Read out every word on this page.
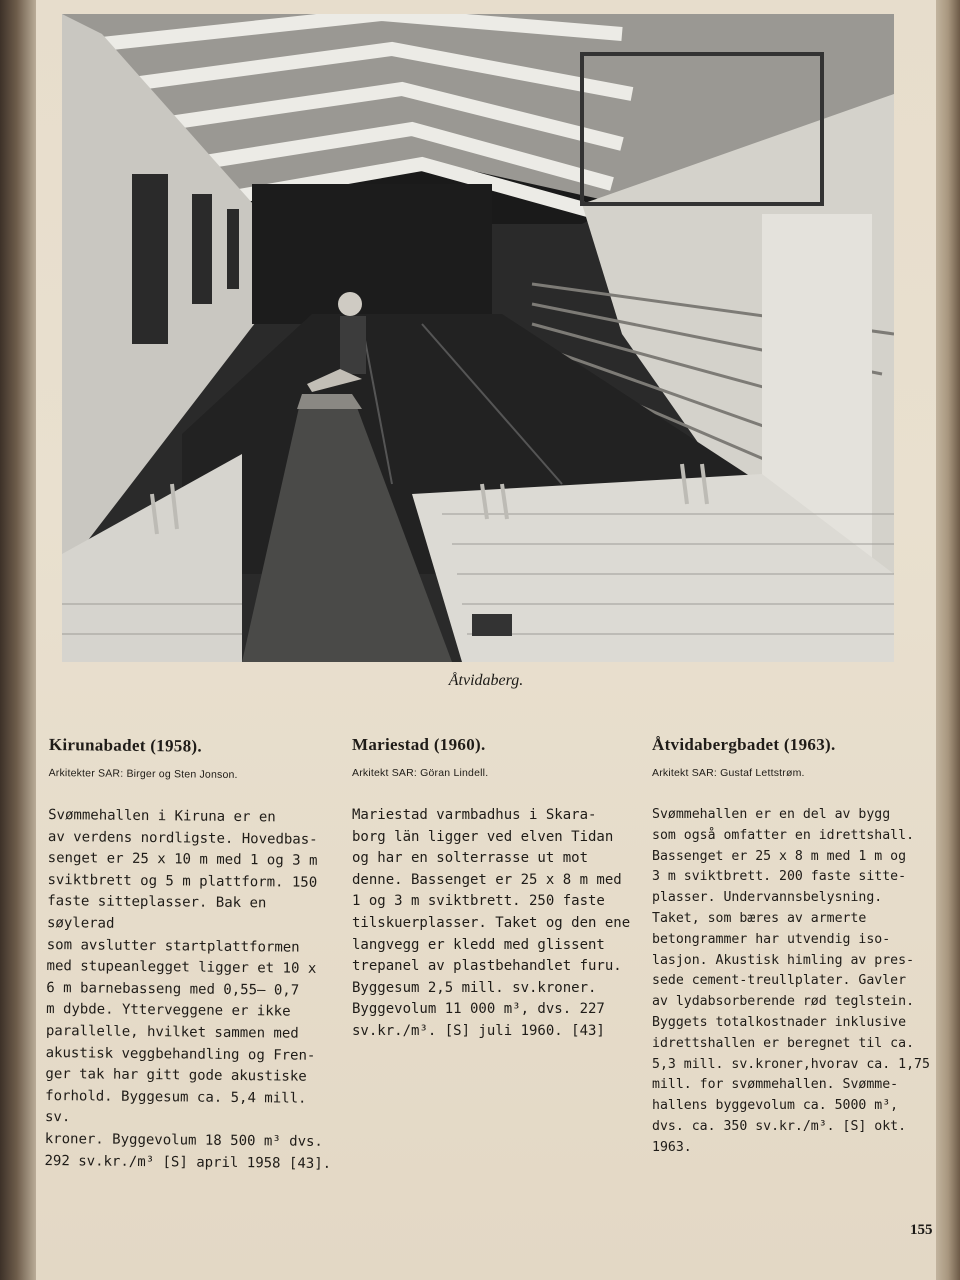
Åtvidaberg.
Kirunabadet (1958).
Arkitekter SAR: Birger og Sten Jonson.
Svømmehallen i Kiruna er en
av verdens nordligste. Hovedbas-
senget er 25 x 10 m med 1 og 3 m
sviktbrett og 5 m plattform. 150
faste sitteplasser. Bak en søylerad
som avslutter startplattformen
med stupeanlegget ligger et 10 x
6 m barnebasseng med 0,55— 0,7
m dybde. Ytterveggene er ikke
parallelle, hvilket sammen med
akustisk veggbehandling og Fren-
ger tak har gitt gode akustiske
forhold. Byggesum ca. 5,4 mill. sv.
kroner. Byggevolum 18 500 m³ dvs.
292 sv.kr./m³ [S] april 1958 [43].
Mariestad (1960).
Arkitekt SAR: Göran Lindell.
Mariestad varmbadhus i Skara-
borg län ligger ved elven Tidan
og har en solterrasse ut mot
denne. Bassenget er 25 x 8 m med
1 og 3 m sviktbrett. 250 faste
tilskuerplasser. Taket og den ene
langvegg er kledd med glissent
trepanel av plastbehandlet furu.
Byggesum 2,5 mill. sv.kroner.
Byggevolum 11 000 m³, dvs. 227
sv.kr./m³. [S] juli 1960. [43]
Åtvidabergbadet (1963).
Arkitekt SAR: Gustaf Lettstrøm.
Svømmehallen er en del av bygg
som også omfatter en idrettshall.
Bassenget er 25 x 8 m med 1 m og
3 m sviktbrett. 200 faste sitte-
plasser. Undervannsbelysning.
Taket, som bæres av armerte
betongrammer har utvendig iso-
lasjon. Akustisk himling av pres-
sede cement-treullplater. Gavler
av lydabsorberende rød teglstein.
Byggets totalkostnader inklusive
idrettshallen er beregnet til ca.
5,3 mill. sv.kroner,hvorav ca. 1,75
mill. for svømmehallen. Svømme-
hallens byggevolum ca. 5000 m³,
dvs. ca. 350 sv.kr./m³. [S] okt.
1963.
155
